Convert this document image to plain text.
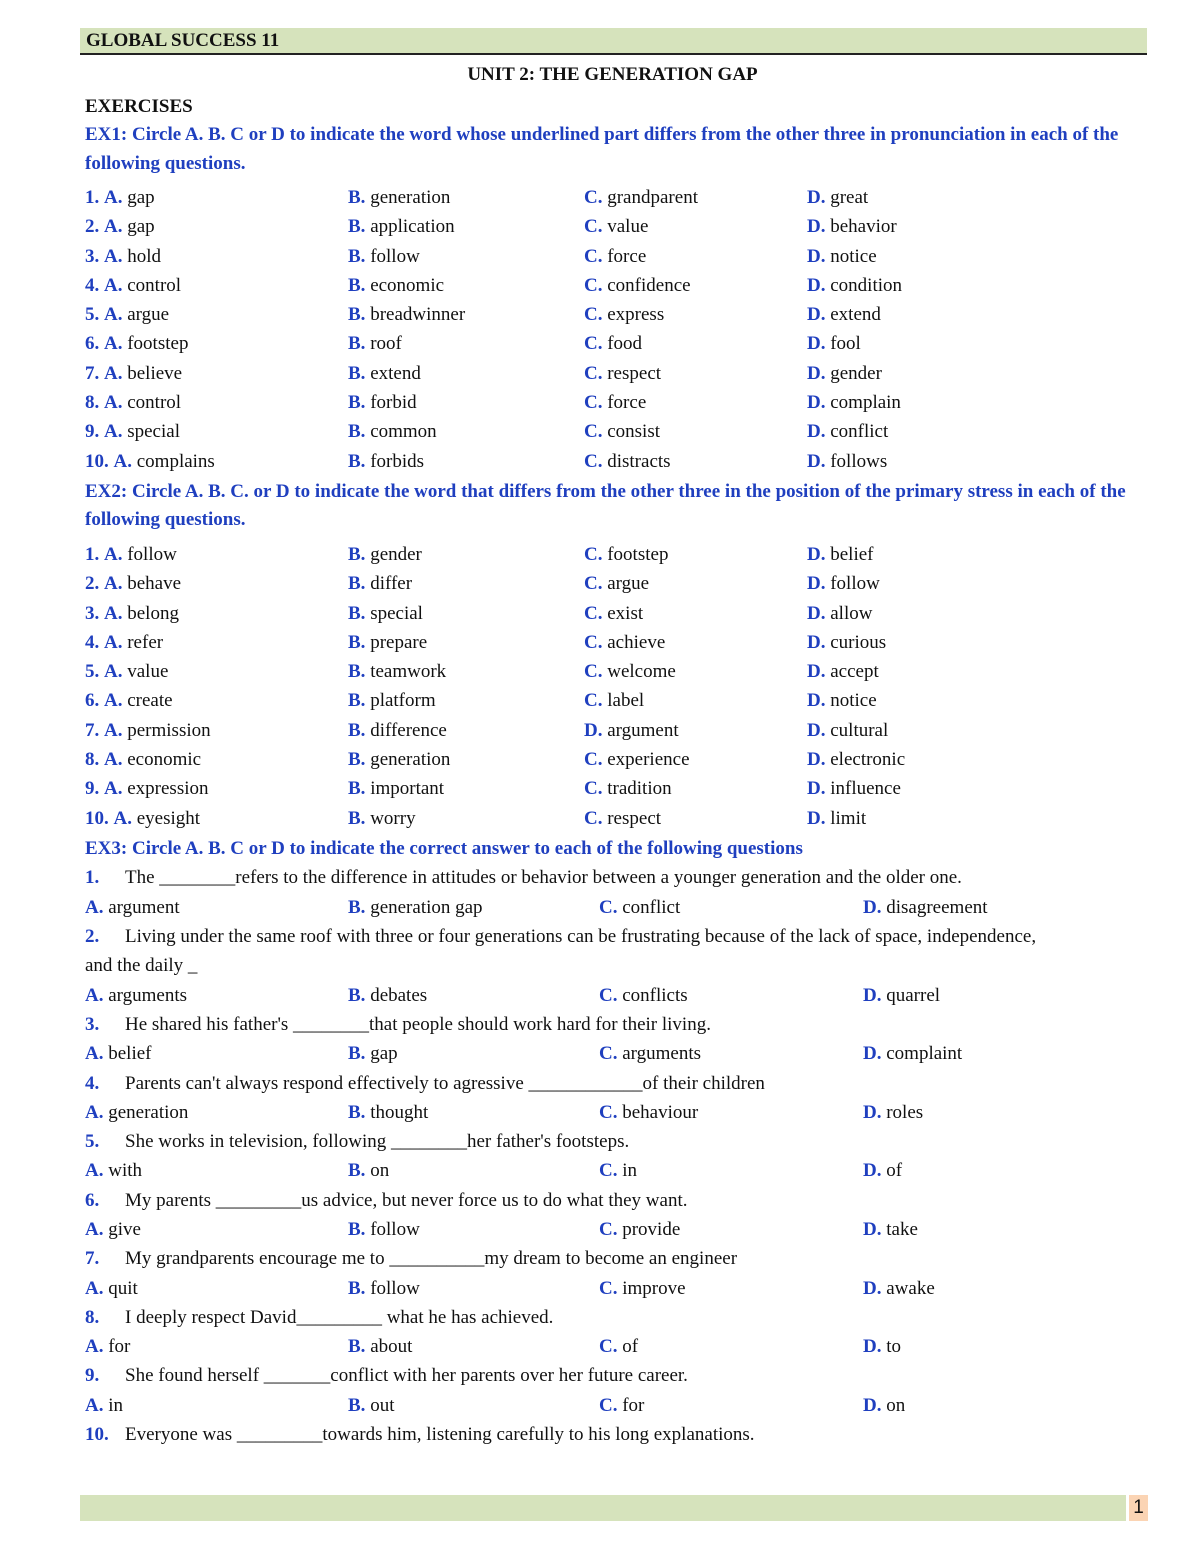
GLOBAL SUCCESS 11
UNIT 2: THE GENERATION GAP
EXERCISES
EX1: Circle A. B. C or D to indicate the word whose underlined part differs from the other three in pronunciation in each of the following questions.
1. A. gap	B. generation	C. grandparent	D. great
2. A. gap	B. application	C. value	D. behavior
3. A. hold	B. follow	C. force	D. notice
4. A. control	B. economic	C. confidence	D. condition
5. A. argue	B. breadwinner	C. express	D. extend
6. A. footstep	B. roof	C. food	D. fool
7. A. believe	B. extend	C. respect	D. gender
8. A. control	B. forbid	C. force	D. complain
9. A. special	B. common	C. consist	D. conflict
10. A. complains	B. forbids	C. distracts	D. follows
EX2: Circle A. B. C. or D to indicate the word that differs from the other three in the position of the primary stress in each of the following questions.
1. A. follow	B. gender	C. footstep	D. belief
2. A. behave	B. differ	C. argue	D. follow
3. A. belong	B. special	C. exist	D. allow
4. A. refer	B. prepare	C. achieve	D. curious
5. A. value	B. teamwork	C. welcome	D. accept
6. A. create	B. platform	C. label	D. notice
7. A. permission	B. difference	D. argument	D. cultural
8. A. economic	B. generation	C. experience	D. electronic
9. A. expression	B. important	C. tradition	D. influence
10. A. eyesight	B. worry	C. respect	D. limit
EX3: Circle A. B. C or D to indicate the correct answer to each of the following questions
1. The ________refers to the difference in attitudes or behavior between a younger generation and the older one.
A. argument	B. generation gap	C. conflict	D. disagreement
2. Living under the same roof with three or four generations can be frustrating because of the lack of space, independence, and the daily _
A. arguments	B. debates	C. conflicts	D. quarrel
3. He shared his father's ________that people should work hard for their living.
A. belief	B. gap	C. arguments	D. complaint
4. Parents can't always respond effectively to agressive ____________of their children
A. generation	B. thought	C. behaviour	D. roles
5. She works in television, following ________her father's footsteps.
A. with	B. on	C. in	D. of
6. My parents _________us advice, but never force us to do what they want.
A. give	B. follow	C. provide	D. take
7. My grandparents encourage me to __________my dream to become an engineer
A. quit	B. follow	C. improve	D. awake
8. I deeply respect David_________ what he has achieved.
A. for	B. about	C. of	D. to
9. She found herself _______conflict with her parents over her future career.
A. in	B. out	C. for	D. on
10. Everyone was _________towards him, listening carefully to his long explanations.
1
